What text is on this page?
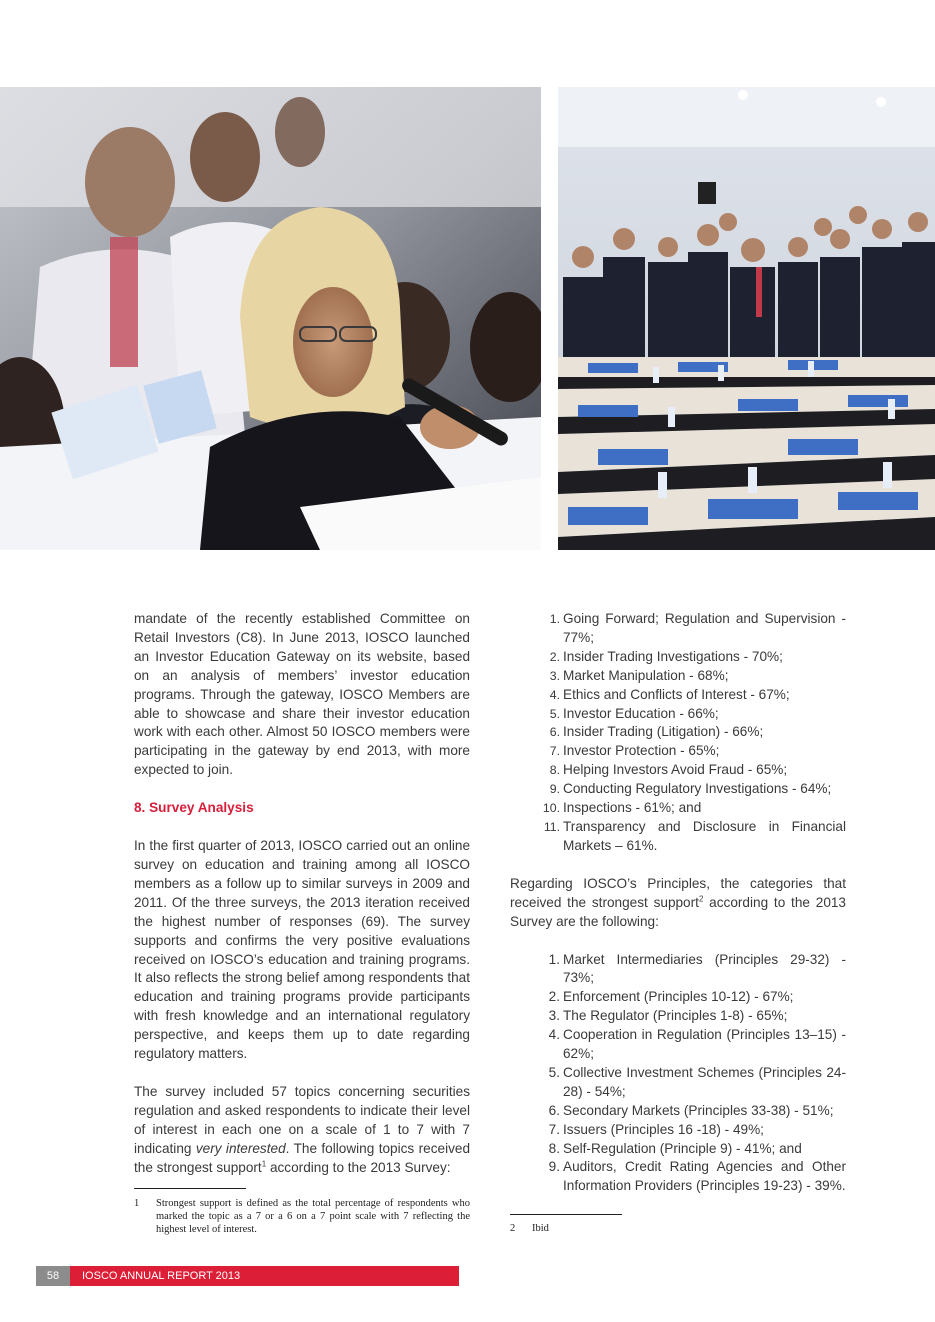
mandate of the recently established Committee on Retail Investors (C8). In June 2013, IOSCO launched an Investor Education Gateway on its website, based on an analysis of members’ investor education programs. Through the gateway, IOSCO Members are able to showcase and share their investor education work with each other. Almost 50 IOSCO members were participating in the gateway by end 2013, with more expected to join.

8. Survey Analysis

In the first quarter of 2013, IOSCO carried out an online survey on education and training among all IOSCO members as a follow up to similar surveys in 2009 and 2011. Of the three surveys, the 2013 iteration received the highest number of responses (69). The survey supports and confirms the very positive evaluations received on IOSCO’s education and training programs. It also reflects the strong belief among respondents that education and training programs provide participants with fresh knowledge and an international regulatory perspective, and keeps them up to date regarding regulatory matters.

The survey included 57 topics concerning securities regulation and asked respondents to indicate their level of interest in each one on a scale of 1 to 7 with 7 indicating very interested. The following topics received the strongest support$^1$ according to the 2013 Survey:

1. Going Forward; Regulation and Supervision - 77%;
2. Insider Trading Investigations - 70%;
3. Market Manipulation - 68%;
4. Ethics and Conflicts of Interest - 67%;
5. Investor Education - 66%;
6. Insider Trading (Litigation) - 66%;
7. Investor Protection - 65%;
8. Helping Investors Avoid Fraud - 65%;
9. Conducting Regulatory Investigations - 64%;
10. Inspections - 61%; and
11. Transparency and Disclosure in Financial Markets – 61%.

Regarding IOSCO’s Principles, the categories that received the strongest support$^2$ according to the 2013 Survey are the following:

1. Market Intermediaries (Principles 29-32) - 73%;
2. Enforcement (Principles 10-12) - 67%;
3. The Regulator (Principles 1-8) - 65%;
4. Cooperation in Regulation (Principles 13–15) - 62%;
5. Collective Investment Schemes (Principles 24-28) - 54%;
6. Secondary Markets (Principles 33-38) - 51%;
7. Issuers (Principles 16 -18) - 49%;
8. Self-Regulation (Principle 9) - 41%; and
9. Auditors, Credit Rating Agencies and Other Information Providers (Principles 19-23) - 39%.
1 Strongest support is defined as the total percentage of respondents who marked the topic as a 7 or a 6 on a 7 point scale with 7 reflecting the highest level of interest.	2 Ibid
58	IOSCO ANNUAL REPORT 2013
